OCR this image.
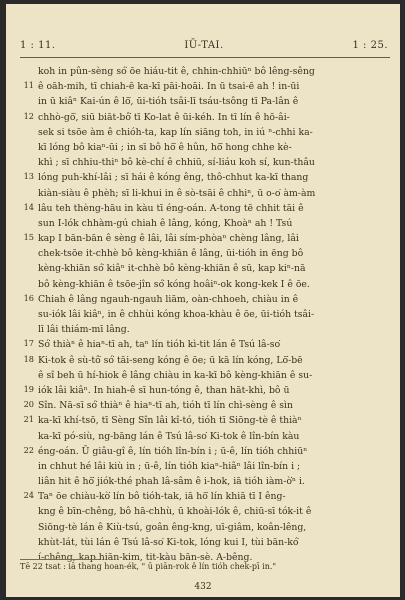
1 : 11.	IŪ-TAI.	1 : 25.
koh in pûn-sèng só͘ ōe hiáu-tit ê, chhin-chhiūⁿ bô lêng-sêng
11 ê oāh-mih, tī chiah-ē ka-kī pāi-hoāi. In ū tsai-ē ah ! in-ūi
in ū kiâⁿ Kai-ún ê lō͘, ūi-tióh tsâi-lī tsáu-tsông tī Pa-lân ê
12 chhò-gō͘, siū biāt-bô͘ tī Ko-lat ê ūi-kéh. In tī lín ê hō-âi-
sek si tsōe àm ê chióh-ta, kap lín siāng toh, in iú ⁿ-chhi ka-
kī lóng bô kiaⁿ-ūi ; in sī bô hō͘ ê hûn, hō͘ hong chhe kè-
khì ; sī chhiu-thiⁿ bô kè-chí ê chhiū, sí-liáu koh sí, kun-thâu
13 lóng puh-khí-lâi ; sī hái ê kóng êng, thô-chhut ka-kī thang
kiàn-siàu ê phèh; sī li-khui in ê sò-tsāi ê chhiⁿ, ū o-o͘ àm-àm
14 lâu teh thèng-hāu in kàu tī éng-oán. A-tong tē chhit tāi ê
sun I-lók chhàm-gú chiah ê lâng, kóng, Khoàⁿ ah ! Tsú
15 kap I bān-bān ê sèng ê lâi, lâi sím-phòaⁿ chèng lâng, lâi
chek-tsōe it-chhè bô kèng-khiān ê lâng, ūi-tióh in ēng bô
kèng-khiān só͘ kiâⁿ it-chhè bô kèng-khiān ê sū, kap kiⁿ-nā
bô kèng-khiān ê tsōe-jîn só͘ kóng hoâiⁿ-ok kong-kek I ê ōe.
16 Chiah ê lâng ngauh-ngauh liām, oàn-chhoeh, chiàu in ê
su-iók lâi kiâⁿ, in ê chhùi kóng khoa-khàu ê ōe, ūi-tióh tsâi-
lī lâi thiám-mī lâng.
17 Só͘ thiàⁿ ê hiaⁿ-tī ah, taⁿ lín tióh kì-tit lán ê Tsú lâ-so͘
18 Ki-tok ê sù-tô͘ só͘ tāi-seng kóng ê ōe; ū kā lín kóng, Lō͘-bē
ê sî beh ū hí-hiok ê lâng chiàu in ka-kī bô kèng-khiān ê su-
19 iók lâi kiâⁿ. In hiah-ê sī hun-tóng ê, than hāt-khì, bô ū
20 Sîn. Nā-sī só͘ thiàⁿ ê hiaⁿ-tī ah, tióh tī lín chì-sèng ê sìn
21 ka-kī khí-tsō, tī Sèng Sîn lâi kî-tó, tióh tī Siōng-tè ê thiàⁿ
ka-kī pó-siù, ng-bāng lán ê Tsú lâ-so͘ Ki-tok ê lîn-bín kàu
22 éng-oán. Ū giâu-gî ê, lín tióh lîn-bín i ; ū-ê, lín tióh chhiūⁿ
in chhut hé lâi kiù in ; ū-ê, lín tióh kiaⁿ-hiâⁿ lâi lîn-bín i ;
liân hit ê hō͘ jiók-thé phah lâ-sâm ê i-hok, iā tióh iàm-ò͘ⁿ i.
24 Taⁿ ōe chiàu-kò͘ lín bô tióh-tak, iā hō͘ lín khiā tī I êng-
kng ê bīn-chêng, bô hā-chhù, ū khoài-lók ê, chiū-sī tók-it ê
Siōng-tè lán ê Kiù-tsú, goân êng-kng, uī-giâm, koân-lêng,
khùt-lát, tùi lán ê Tsú lâ-so͘ Ki-tok, lóng kui I, tùi bān-kó͘
í-chêng, kap hiān-kim, tit-kàu bān-sè. A-bêng.
Tē 22 tsat : iā thang hoan-ék, " ū piān-rok ê lín tióh chek-pī in."
432
